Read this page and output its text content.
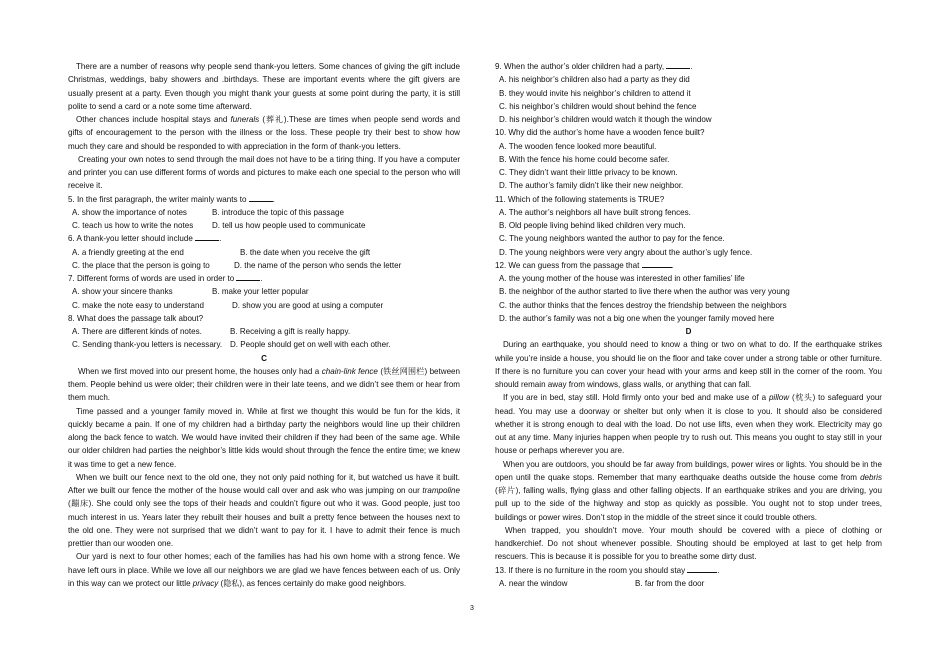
There are a number of reasons why people send thank-you letters. Some chances of giving the gift include Christmas, weddings, baby showers and .birthdays. These are important events where the gift givers are usually present at a party. Even though you might thank your guests at some point during the party, it is still polite to send a card or a note some time afterward.

Other chances include hospital stays and funerals (葬礼).These are times when people send words and gifts of encouragement to the person with the illness or the loss. These people try their best to show how much they care and should be responded to with appreciation in the form of thank-you letters.

Creating your own notes to send through the mail does not have to be a tiring thing. If you have a computer and printer you can use different forms of words and pictures to make each one special to the person who will receive it.

5. In the first paragraph, the writer mainly wants to	.

A. show the importance of notes	B. introduce the topic of this passage
C. teach us how to write the notes	D. tell us how people used to communicate

6. A thank-you letter should include	.

A. a friendly greeting at the end	B. the date when you receive the gift
C. the place that the person is going to	D. the name of the person who sends the letter

7. Different forms of words are used in order to	.

A. show your sincere thanks	B. make your letter popular
C. make the note easy to understand	D. show you are good at using a computer

8. What does the passage talk about?

A. There are different kinds of notes.	B. Receiving a gift is really happy.
C. Sending thank-you letters is necessary. D. People should get on well with each other.

C

When we first moved into our present home, the houses only had a chain-link fence (铁丝网围栏) between them. People behind us were older; their children were in their late teens, and we didn’t see them or hear from them much.

Time passed and a younger family moved in. While at first we thought this would be fun for the kids, it quickly became a pain. If one of my children had a birthday party the neighbors would line up their children along the back fence to watch. We would have invited their children if they had been of the same age. While our older children had parties the neighbor’s little kids would shout through the fence the entire time; we knew it was time to get a new fence.

When we built our fence next to the old one, they not only paid nothing for it, but watched us have it built. After we built our fence the mother of the house would call over and ask who was jumping on our trampoline (蹦床). She could only see the tops of their heads and couldn’t figure out who it was. Good people, just too much interest in us. Years later they rebuilt their houses and built a pretty fence between the houses next to the old one. They were not surprised that we didn’t want to pay for it. I have to admit their fence is much prettier than our wooden one.

Our yard is next to four other homes; each of the families has had his own home with a strong fence. We have left ours in place. While we love all our neighbors we are glad we have fences between each of us. Only in this way can we protect our little privacy (隐私), as fences certainly do make good neighbors.

9. When the author’s older children had a party,	.

A. his neighbor’s children also had a party as they did

B. they would invite his neighbor’s children to attend it

C. his neighbor’s children would shout behind the fence

D. his neighbor’s children would watch it though the window

10. Why did the author’s home have a wooden fence built?

A. The wooden fence looked more beautiful.

B. With the fence his home could become safer.

C. They didn’t want their little privacy to be known.

D. The author’s family didn’t like their new neighbor.

11. Which of the following statements is TRUE?

A. The author’s neighbors all have built strong fences.

B. Old people living behind liked children very much.

C. The young neighbors wanted the author to pay for the fence.

D. The young neighbors were very angry about the author’s ugly fence.

12. We can guess from the passage that	.

A. the young mother of the house was interested in other families’ life

B. the neighbor of the author started to live there when the author was very young

C. the author thinks that the fences destroy the friendship between the neighbors

D. the author’s family was not a big one when the younger family moved here

D

During an earthquake, you should need to know a thing or two on what to do. If the earthquake strikes while you’re inside a house, you should lie on the floor and take cover under a strong table or other furniture. If there is no furniture you can cover your head with your arms and keep still in the corner of the room. You should remain away from windows, glass walls, or anything that can fall.

If you are in bed, stay still. Hold firmly onto your bed and make use of a pillow (枕头) to safeguard your head. You may use a doorway or shelter but only when it is close to you. It should also be considered whether it is strong enough to deal with the load. Do not use lifts, even when they work. Electricity may go out at any time. Many injuries happen when people try to rush out. This means you ought to stay still in your house or perhaps wherever you are.

When you are outdoors, you should be far away from buildings, power wires or lights. You should be in the open until the quake stops. Remember that many earthquake deaths outside the house come from debris (碎片), falling walls, flying glass and other falling objects. If an earthquake strikes and you are driving, you pull up to the side of the highway and stop as quickly as possible. You ought not to stop under trees, buildings or power wires. Don’t stop in the middle of the street since it could trouble others.

When trapped, you shouldn’t move. Your mouth should be covered with a piece of clothing or handkerchief. Do not shout whenever possible. Shouting should be employed at last to get help from rescuers. This is because it is possible for you to breathe some dirty dust.

13. If there is no furniture in the room you should stay	.

A. near the window	B. far from the door
3
